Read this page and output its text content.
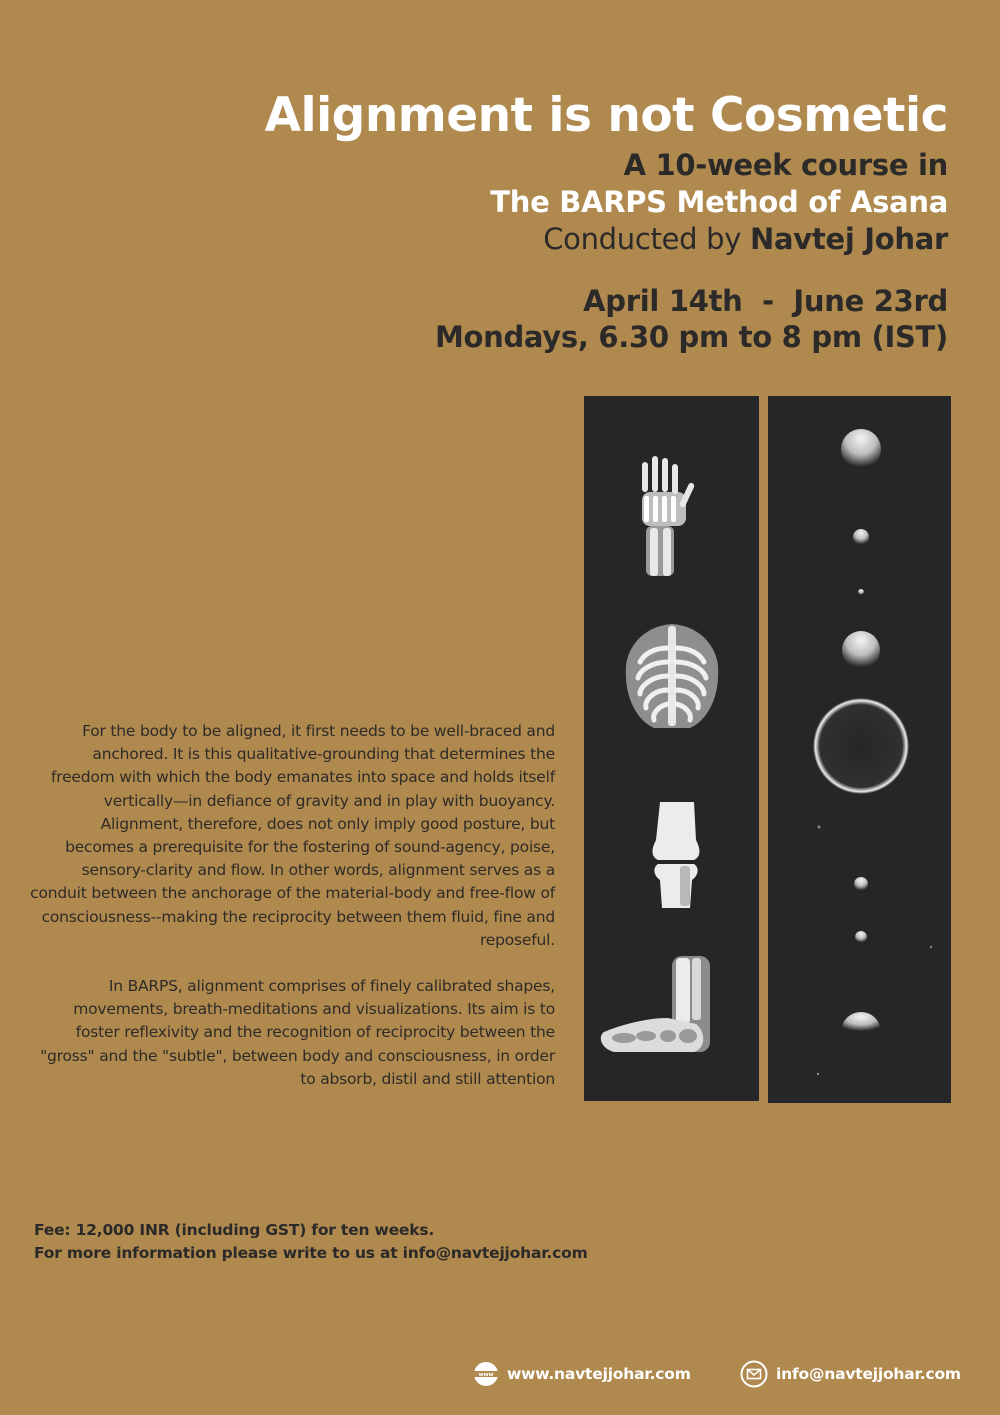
Alignment is not Cosmetic
A 10-week course in
The BARPS Method of Asana
Conducted by Navtej Johar
April 14th  -  June 23rd
Mondays, 6.30 pm to 8 pm (IST)

For the body to be aligned, it first needs to be well-braced and anchored. It is this qualitative-grounding that determines the freedom with which the body emanates into space and holds itself vertically—in defiance of gravity and in play with buoyancy. Alignment, therefore, does not only imply good posture, but becomes a prerequisite for the fostering of sound-agency, poise, sensory-clarity and flow. In other words, alignment serves as a conduit between the anchorage of the material-body and free-flow of consciousness--making the reciprocity between them fluid, fine and reposeful.

In BARPS, alignment comprises of finely calibrated shapes, movements, breath-meditations and visualizations. Its aim is to foster reflexivity and the recognition of reciprocity between the "gross" and the "subtle", between body and consciousness, in order to absorb, distil and still attention

Fee: 12,000 INR (including GST) for ten weeks.
For more information please write to us at info@navtejjohar.com
www www.navtejjohar.com	info@navtejjohar.com
